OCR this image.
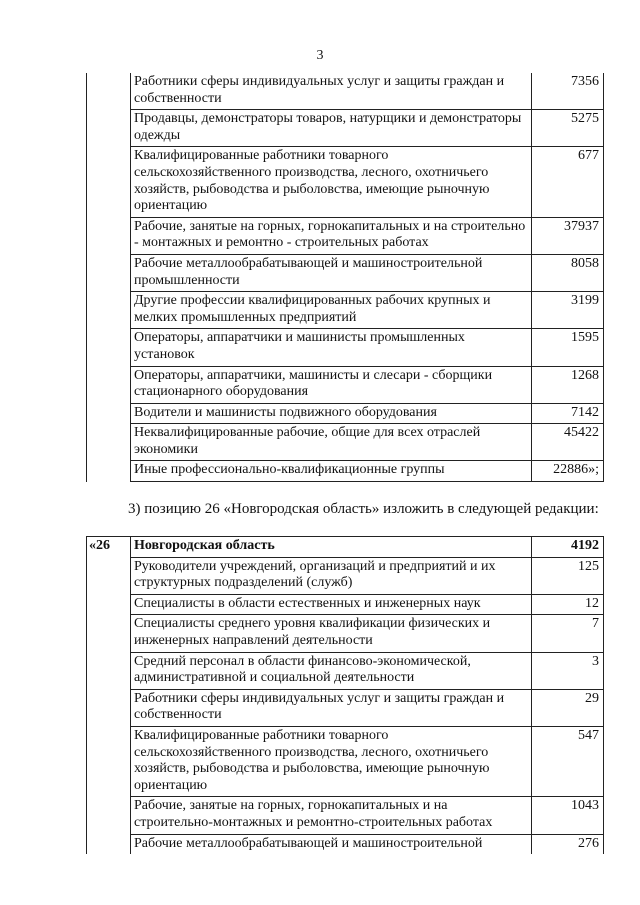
3
	Работники сферы индивидуальных услуг и защиты граждан и собственности	7356
	Продавцы, демонстраторы товаров, натурщики и демонстраторы одежды	5275
	Квалифицированные работники товарного сельскохозяйственного производства, лесного, охотничьего хозяйств, рыбоводства и рыболовства, имеющие рыночную ориентацию	677
	Рабочие, занятые на горных, горнокапитальных и на строительно - монтажных и ремонтно - строительных работах	37937
	Рабочие металлообрабатывающей и машиностроительной промышленности	8058
	Другие профессии квалифицированных рабочих крупных и мелких промышленных предприятий	3199
	Операторы, аппаратчики и машинисты промышленных установок	1595
	Операторы, аппаратчики, машинисты и слесари - сборщики стационарного оборудования	1268
	Водители и машинисты подвижного оборудования	7142
	Неквалифицированные рабочие, общие для всех отраслей экономики	45422
	Иные профессионально-квалификационные группы	22886»;

3) позицию 26 «Новгородская область» изложить в следующей редакции:

«26	Новгородская область	4192
	Руководители учреждений, организаций и предприятий и их структурных подразделений (служб)	125
	Специалисты в области естественных и инженерных наук	12
	Специалисты среднего уровня квалификации физических и инженерных направлений деятельности	7
	Средний персонал в области финансово-экономической, административной и социальной деятельности	3
	Работники сферы индивидуальных услуг и защиты граждан и собственности	29
	Квалифицированные работники товарного сельскохозяйственного производства, лесного, охотничьего хозяйств, рыбоводства и рыболовства, имеющие рыночную ориентацию	547
	Рабочие, занятые на горных, горнокапитальных и на строительно-монтажных и ремонтно-строительных работах	1043
	Рабочие металлообрабатывающей и машиностроительной	276
